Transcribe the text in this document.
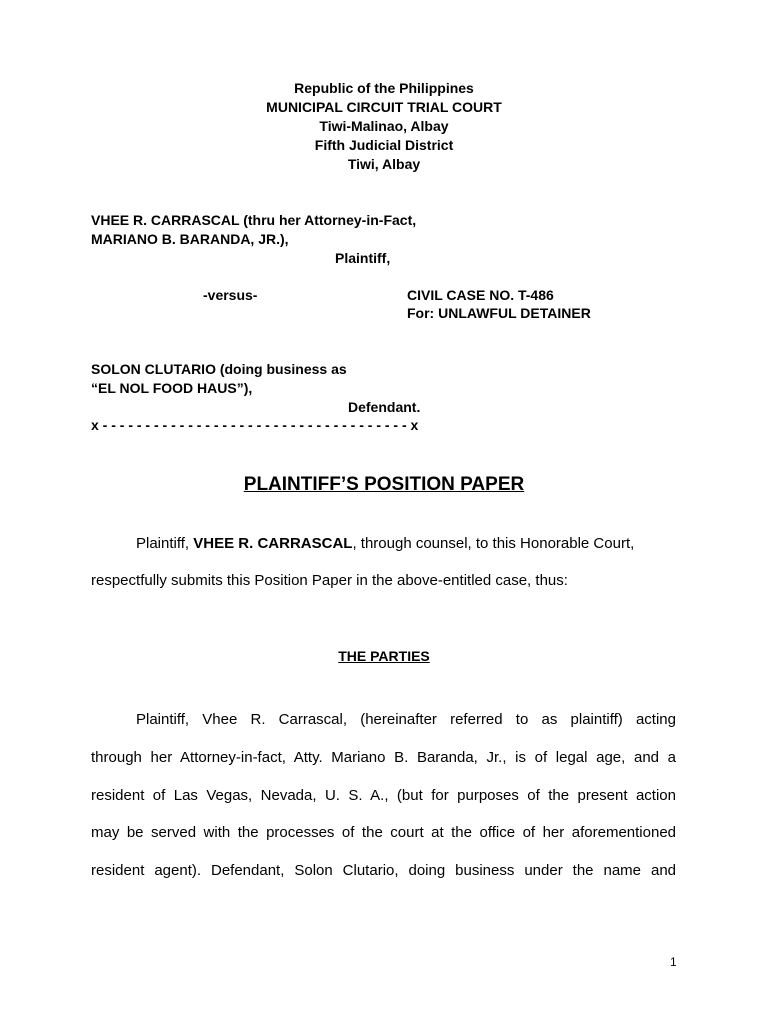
Republic of the Philippines
MUNICIPAL CIRCUIT TRIAL COURT
Tiwi-Malinao, Albay
Fifth Judicial District
Tiwi, Albay
VHEE R. CARRASCAL (thru her Attorney-in-Fact,
MARIANO B. BARANDA, JR.),
Plaintiff,
-versus-	CIVIL CASE NO. T-486
For: UNLAWFUL DETAINER
SOLON CLUTARIO (doing business as
“EL NOL FOOD HAUS”),
Defendant.
x - - - - - - - - - - - - - - - - - - - - - - - - - - - - - - - - - - - - x
PLAINTIFF’S POSITION PAPER
Plaintiff, VHEE R. CARRASCAL, through counsel, to this Honorable Court,
respectfully submits this Position Paper in the above-entitled case, thus:
THE PARTIES
Plaintiff, Vhee R. Carrascal, (hereinafter referred to as plaintiff) acting
through her Attorney-in-fact, Atty. Mariano B. Baranda, Jr., is of legal age, and a
resident of Las Vegas, Nevada, U. S. A., (but for purposes of the present action
may be served with the processes of the court at the office of her aforementioned
resident agent). Defendant, Solon Clutario, doing business under the name and
1
